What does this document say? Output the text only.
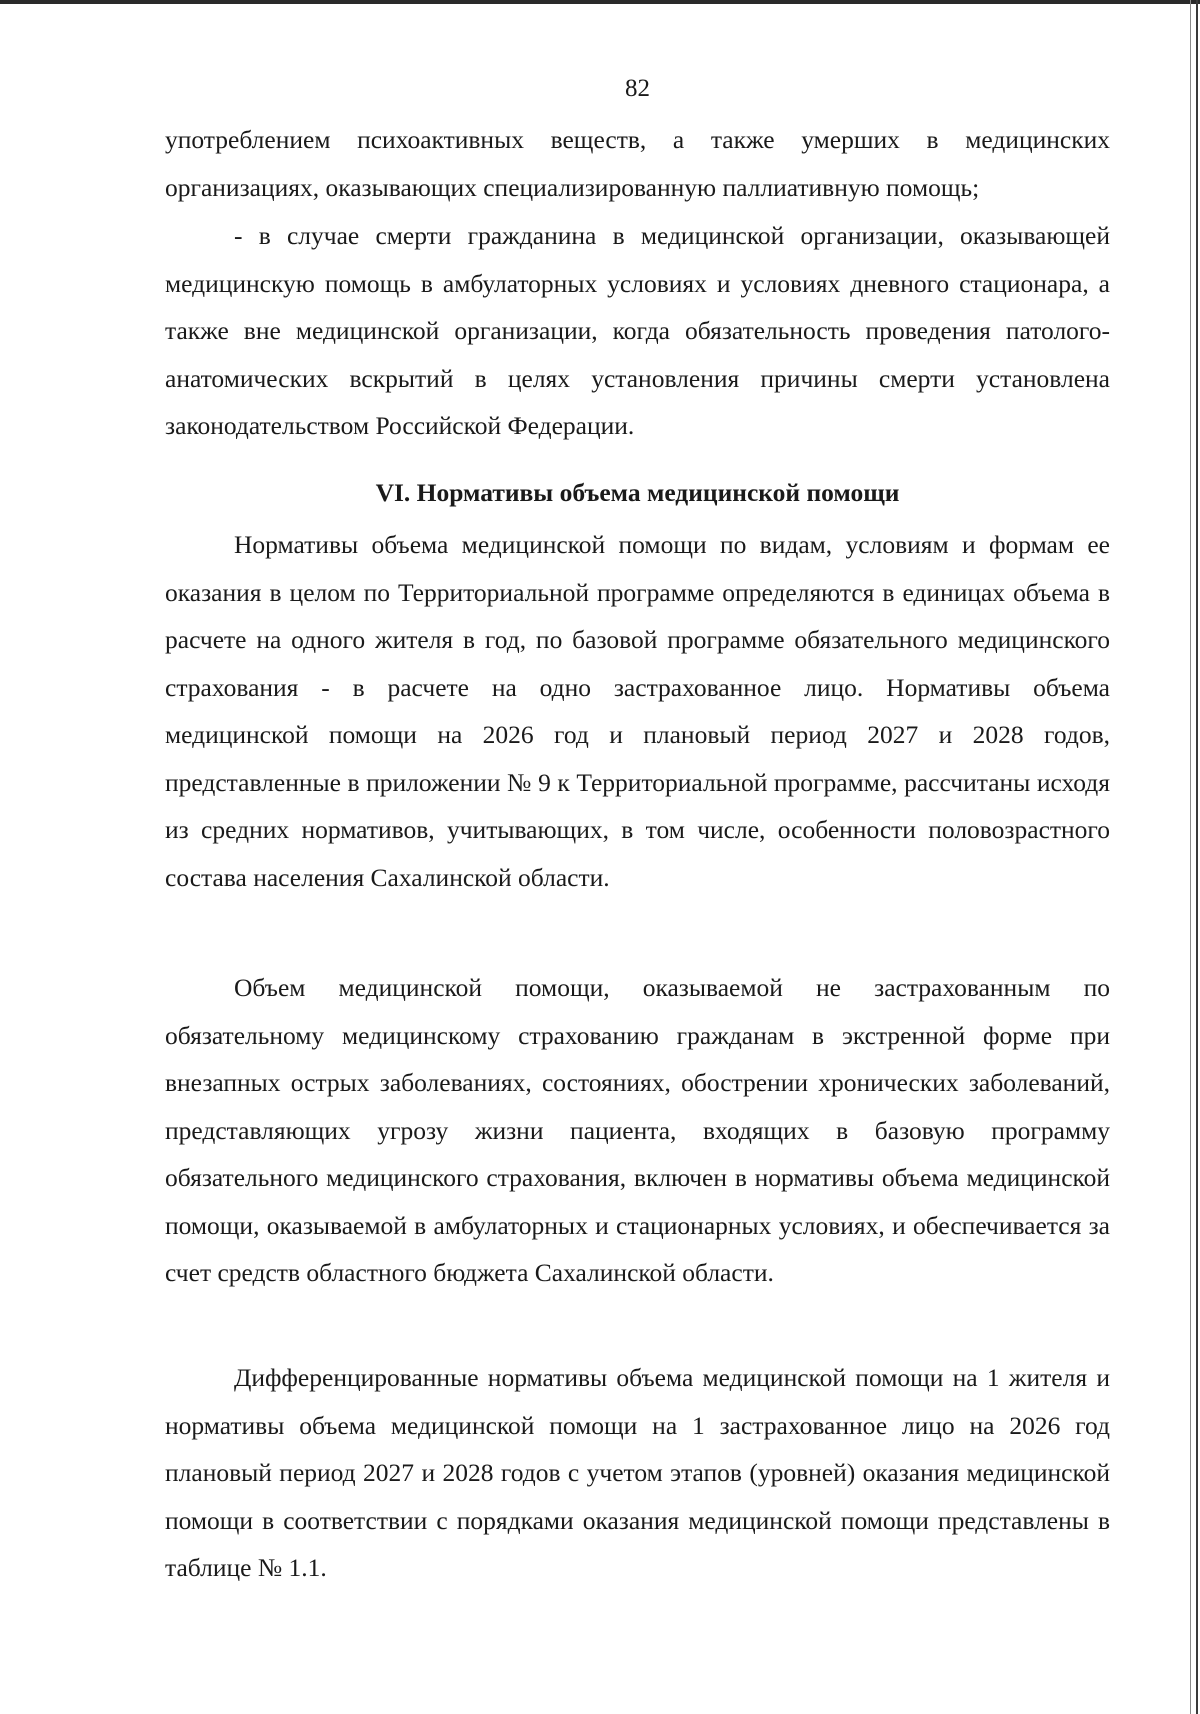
82

употреблением психоактивных веществ, а также умерших в медицинских организациях, оказывающих специализированную паллиативную помощь;

- в случае смерти гражданина в медицинской организации, оказывающей медицинскую помощь в амбулаторных условиях и условиях дневного стационара, а также вне медицинской организации, когда обязательность проведения патолого-анатомических вскрытий в целях установления причины смерти установлена законодательством Российской Федерации.

VI. Нормативы объема медицинской помощи

Нормативы объема медицинской помощи по видам, условиям и формам ее оказания в целом по Территориальной программе определяются в единицах объема в расчете на одного жителя в год, по базовой программе обязательного медицинского страхования - в расчете на одно застрахованное лицо. Нормативы объема медицинской помощи на 2026 год и плановый период 2027 и 2028 годов, представленные в приложении № 9 к Территориальной программе, рассчитаны исходя из средних нормативов, учитывающих, в том числе, особенности половозрастного состава населения Сахалинской области.

Объем медицинской помощи, оказываемой не застрахованным по обязательному медицинскому страхованию гражданам в экстренной форме при внезапных острых заболеваниях, состояниях, обострении хронических заболеваний, представляющих угрозу жизни пациента, входящих в базовую программу обязательного медицинского страхования, включен в нормативы объема медицинской помощи, оказываемой в амбулаторных и стационарных условиях, и обеспечивается за счет средств областного бюджета Сахалинской области.

Дифференцированные нормативы объема медицинской помощи на 1 жителя и нормативы объема медицинской помощи на 1 застрахованное лицо на 2026 год плановый период 2027 и 2028 годов с учетом этапов (уровней) оказания медицинской помощи в соответствии с порядками оказания медицинской помощи представлены в таблице № 1.1.
